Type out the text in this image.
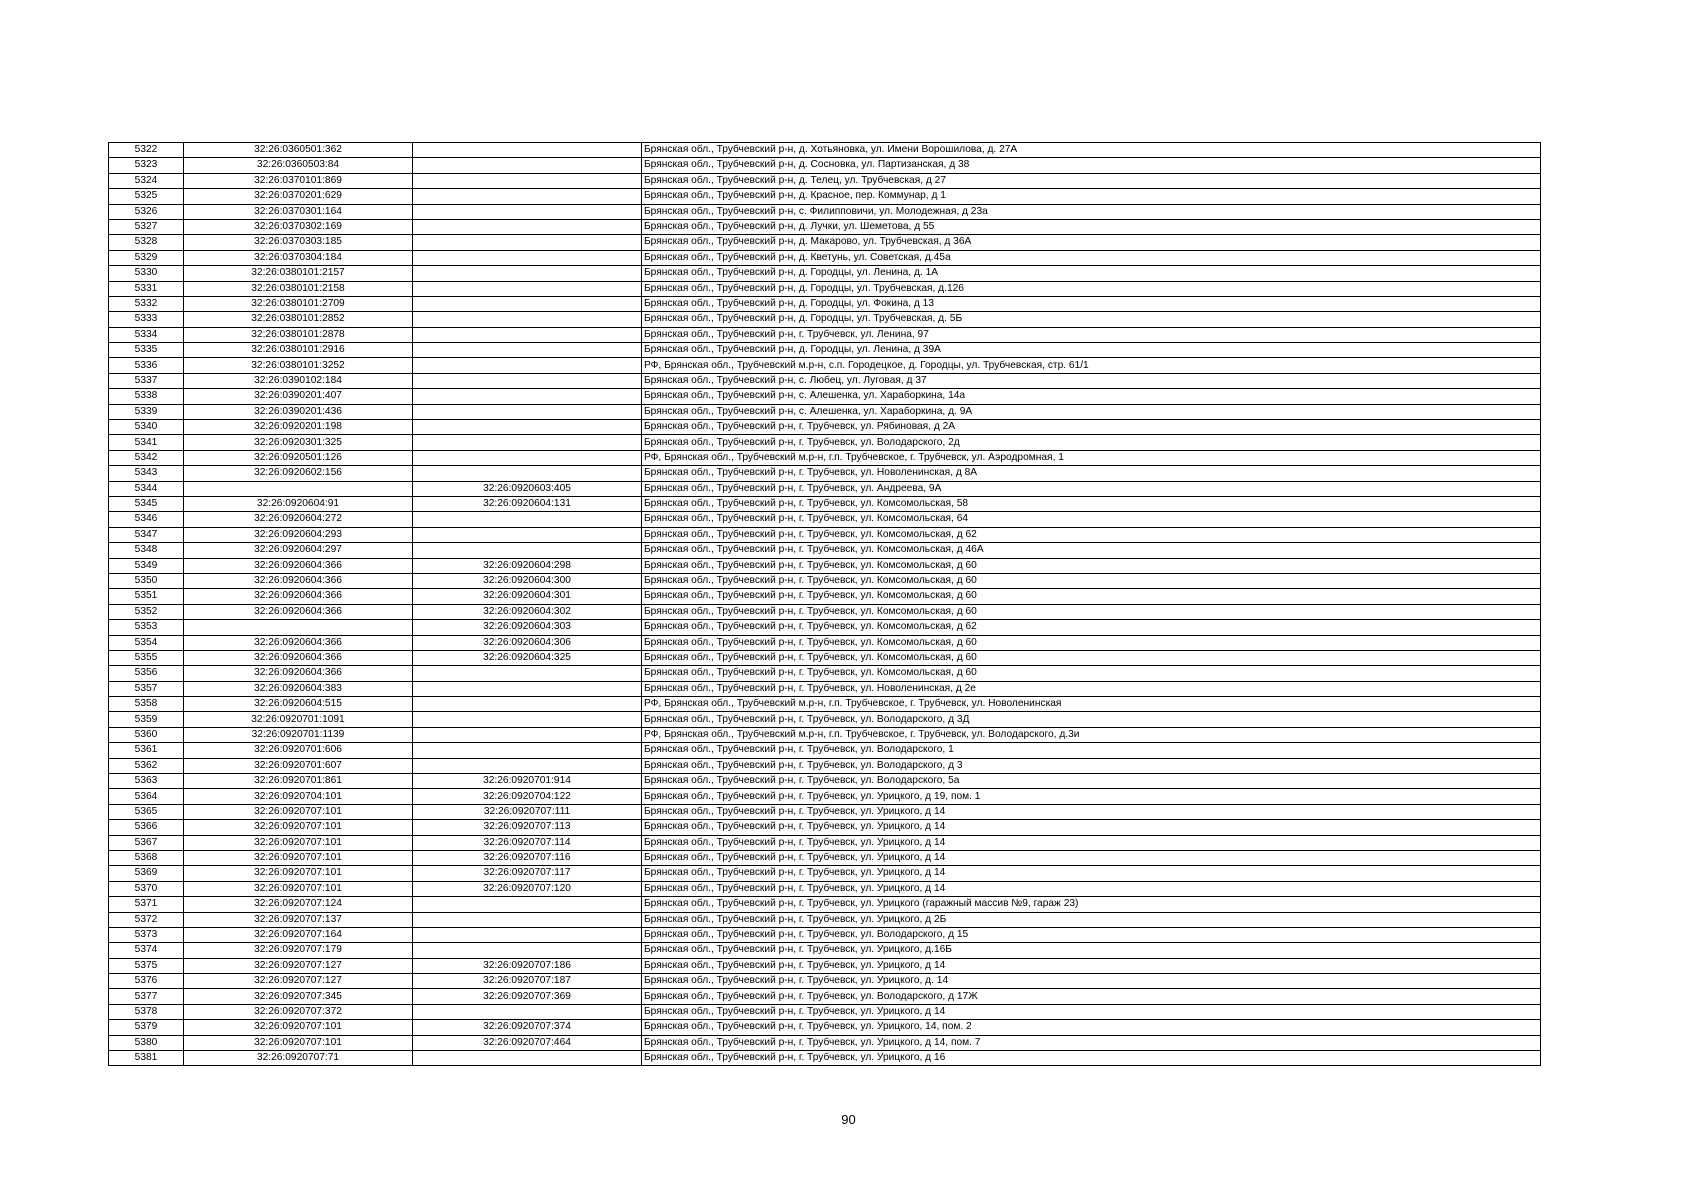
5322	32:26:0360501:362		Брянская обл., Трубчевский р-н, д. Хотьяновка, ул. Имени Ворошилова, д. 27А
5323	32:26:0360503:84		Брянская обл., Трубчевский р-н, д. Сосновка, ул. Партизанская, д 38
5324	32:26:0370101:869		Брянская обл., Трубчевский р-н, д. Телец, ул. Трубчевская, д 27
5325	32:26:0370201:629		Брянская обл., Трубчевский р-н, д. Красное, пер. Коммунар, д 1
5326	32:26:0370301:164		Брянская обл., Трубчевский р-н, с. Филипповичи, ул. Молодежная, д 23а
5327	32:26:0370302:169		Брянская обл., Трубчевский р-н, д. Лучки, ул. Шеметова, д 55
5328	32:26:0370303:185		Брянская обл., Трубчевский р-н, д. Макарово, ул. Трубчевская, д 36А
5329	32:26:0370304:184		Брянская обл., Трубчевский р-н, д. Кветунь, ул. Советская, д.45а
5330	32:26:0380101:2157		Брянская обл., Трубчевский р-н, д. Городцы, ул. Ленина, д. 1А
5331	32:26:0380101:2158		Брянская обл., Трубчевский р-н, д. Городцы, ул. Трубчевская, д.126
5332	32:26:0380101:2709		Брянская обл., Трубчевский р-н, д. Городцы, ул. Фокина, д 13
5333	32:26:0380101:2852		Брянская обл., Трубчевский р-н, д. Городцы, ул. Трубчевская, д. 5Б
5334	32:26:0380101:2878		Брянская обл., Трубчевский р-н, г. Трубчевск, ул. Ленина, 97
5335	32:26:0380101:2916		Брянская обл., Трубчевский р-н, д. Городцы, ул. Ленина, д 39А
5336	32:26:0380101:3252		РФ, Брянская обл., Трубчевский м.р-н, с.п. Городецкое, д. Городцы, ул. Трубчевская, стр. 61/1
5337	32:26:0390102:184		Брянская обл., Трубчевский р-н, с. Любец, ул. Луговая, д 37
5338	32:26:0390201:407		Брянская обл., Трубчевский р-н, с. Алешенка, ул. Хараборкина, 14а
5339	32:26:0390201:436		Брянская обл., Трубчевский р-н, с. Алешенка, ул. Хараборкина, д. 9А
5340	32:26:0920201:198		Брянская обл., Трубчевский р-н, г. Трубчевск, ул. Рябиновая, д 2А
5341	32:26:0920301:325		Брянская обл., Трубчевский р-н, г. Трубчевск, ул. Володарского, 2д
5342	32:26:0920501:126		РФ, Брянская обл., Трубчевский м.р-н, г.п. Трубчевское, г. Трубчевск, ул. Аэродромная, 1
5343	32:26:0920602:156		Брянская обл., Трубчевский р-н, г. Трубчевск, ул. Новоленинская, д 8А
5344		32:26:0920603:405	Брянская обл., Трубчевский р-н, г. Трубчевск, ул. Андреева, 9А
5345	32:26:0920604:91	32:26:0920604:131	Брянская обл., Трубчевский р-н, г. Трубчевск, ул. Комсомольская, 58
5346	32:26:0920604:272		Брянская обл., Трубчевский р-н, г. Трубчевск, ул. Комсомольская, 64
5347	32:26:0920604:293		Брянская обл., Трубчевский р-н, г. Трубчевск, ул. Комсомольская, д 62
5348	32:26:0920604:297		Брянская обл., Трубчевский р-н, г. Трубчевск, ул. Комсомольская, д 46А
5349	32:26:0920604:366	32:26:0920604:298	Брянская обл., Трубчевский р-н, г. Трубчевск, ул. Комсомольская, д 60
5350	32:26:0920604:366	32:26:0920604:300	Брянская обл., Трубчевский р-н, г. Трубчевск, ул. Комсомольская, д 60
5351	32:26:0920604:366	32:26:0920604:301	Брянская обл., Трубчевский р-н, г. Трубчевск, ул. Комсомольская, д 60
5352	32:26:0920604:366	32:26:0920604:302	Брянская обл., Трубчевский р-н, г. Трубчевск, ул. Комсомольская, д 60
5353		32:26:0920604:303	Брянская обл., Трубчевский р-н, г. Трубчевск, ул. Комсомольская, д 62
5354	32:26:0920604:366	32:26:0920604:306	Брянская обл., Трубчевский р-н, г. Трубчевск, ул. Комсомольская, д 60
5355	32:26:0920604:366	32:26:0920604:325	Брянская обл., Трубчевский р-н, г. Трубчевск, ул. Комсомольская, д 60
5356	32:26:0920604:366		Брянская обл., Трубчевский р-н, г. Трубчевск, ул. Комсомольская, д 60
5357	32:26:0920604:383		Брянская обл., Трубчевский р-н, г. Трубчевск, ул. Новоленинская, д 2е
5358	32:26:0920604:515		РФ, Брянская обл., Трубчевский м.р-н, г.п. Трубчевское, г. Трубчевск, ул. Новоленинская
5359	32:26:0920701:1091		Брянская обл., Трубчевский р-н, г. Трубчевск, ул. Володарского, д 3Д
5360	32:26:0920701:1139		РФ, Брянская обл., Трубчевский м.р-н, г.п. Трубчевское, г. Трубчевск, ул. Володарского, д.3и
5361	32:26:0920701:606		Брянская обл., Трубчевский р-н, г. Трубчевск, ул. Володарского, 1
5362	32:26:0920701:607		Брянская обл., Трубчевский р-н, г. Трубчевск, ул. Володарского, д 3
5363	32:26:0920701:861	32:26:0920701:914	Брянская обл., Трубчевский р-н, г. Трубчевск, ул. Володарского, 5а
5364	32:26:0920704:101	32:26:0920704:122	Брянская обл., Трубчевский р-н, г. Трубчевск, ул. Урицкого, д 19, пом. 1
5365	32:26:0920707:101	32:26:0920707:111	Брянская обл., Трубчевский р-н, г. Трубчевск, ул. Урицкого, д 14
5366	32:26:0920707:101	32:26:0920707:113	Брянская обл., Трубчевский р-н, г. Трубчевск, ул. Урицкого, д 14
5367	32:26:0920707:101	32:26:0920707:114	Брянская обл., Трубчевский р-н, г. Трубчевск, ул. Урицкого, д 14
5368	32:26:0920707:101	32:26:0920707:116	Брянская обл., Трубчевский р-н, г. Трубчевск, ул. Урицкого, д 14
5369	32:26:0920707:101	32:26:0920707:117	Брянская обл., Трубчевский р-н, г. Трубчевск, ул. Урицкого, д 14
5370	32:26:0920707:101	32:26:0920707:120	Брянская обл., Трубчевский р-н, г. Трубчевск, ул. Урицкого, д 14
5371	32:26:0920707:124		Брянская обл., Трубчевский р-н, г. Трубчевск, ул. Урицкого (гаражный массив №9, гараж 23)
5372	32:26:0920707:137		Брянская обл., Трубчевский р-н, г. Трубчевск, ул. Урицкого, д 2Б
5373	32:26:0920707:164		Брянская обл., Трубчевский р-н, г. Трубчевск, ул. Володарского, д 15
5374	32:26:0920707:179		Брянская обл., Трубчевский р-н, г. Трубчевск, ул. Урицкого, д.16Б
5375	32:26:0920707:127	32:26:0920707:186	Брянская обл., Трубчевский р-н, г. Трубчевск, ул. Урицкого, д 14
5376	32:26:0920707:127	32:26:0920707:187	Брянская обл., Трубчевский р-н, г. Трубчевск, ул. Урицкого, д. 14
5377	32:26:0920707:345	32:26:0920707:369	Брянская обл., Трубчевский р-н, г. Трубчевск, ул. Володарского, д 17Ж
5378	32:26:0920707:372		Брянская обл., Трубчевский р-н, г. Трубчевск, ул. Урицкого, д 14
5379	32:26:0920707:101	32:26:0920707:374	Брянская обл., Трубчевский р-н, г. Трубчевск, ул. Урицкого, 14, пом. 2
5380	32:26:0920707:101	32:26:0920707:464	Брянская обл., Трубчевский р-н, г. Трубчевск, ул. Урицкого, д 14, пом. 7
5381	32:26:0920707:71		Брянская обл., Трубчевский р-н, г. Трубчевск, ул. Урицкого, д 16
90
